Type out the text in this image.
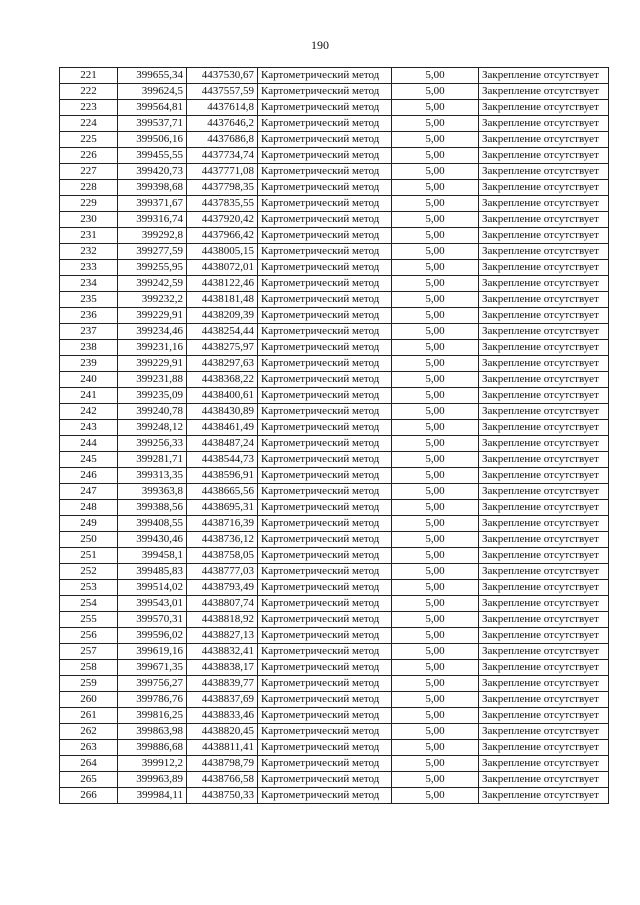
190
221	399655,34	4437530,67	Картометрический метод	5,00	Закрепление отсутствует
222	399624,5	4437557,59	Картометрический метод	5,00	Закрепление отсутствует
223	399564,81	4437614,8	Картометрический метод	5,00	Закрепление отсутствует
224	399537,71	4437646,2	Картометрический метод	5,00	Закрепление отсутствует
225	399506,16	4437686,8	Картометрический метод	5,00	Закрепление отсутствует
226	399455,55	4437734,74	Картометрический метод	5,00	Закрепление отсутствует
227	399420,73	4437771,08	Картометрический метод	5,00	Закрепление отсутствует
228	399398,68	4437798,35	Картометрический метод	5,00	Закрепление отсутствует
229	399371,67	4437835,55	Картометрический метод	5,00	Закрепление отсутствует
230	399316,74	4437920,42	Картометрический метод	5,00	Закрепление отсутствует
231	399292,8	4437966,42	Картометрический метод	5,00	Закрепление отсутствует
232	399277,59	4438005,15	Картометрический метод	5,00	Закрепление отсутствует
233	399255,95	4438072,01	Картометрический метод	5,00	Закрепление отсутствует
234	399242,59	4438122,46	Картометрический метод	5,00	Закрепление отсутствует
235	399232,2	4438181,48	Картометрический метод	5,00	Закрепление отсутствует
236	399229,91	4438209,39	Картометрический метод	5,00	Закрепление отсутствует
237	399234,46	4438254,44	Картометрический метод	5,00	Закрепление отсутствует
238	399231,16	4438275,97	Картометрический метод	5,00	Закрепление отсутствует
239	399229,91	4438297,63	Картометрический метод	5,00	Закрепление отсутствует
240	399231,88	4438368,22	Картометрический метод	5,00	Закрепление отсутствует
241	399235,09	4438400,61	Картометрический метод	5,00	Закрепление отсутствует
242	399240,78	4438430,89	Картометрический метод	5,00	Закрепление отсутствует
243	399248,12	4438461,49	Картометрический метод	5,00	Закрепление отсутствует
244	399256,33	4438487,24	Картометрический метод	5,00	Закрепление отсутствует
245	399281,71	4438544,73	Картометрический метод	5,00	Закрепление отсутствует
246	399313,35	4438596,91	Картометрический метод	5,00	Закрепление отсутствует
247	399363,8	4438665,56	Картометрический метод	5,00	Закрепление отсутствует
248	399388,56	4438695,31	Картометрический метод	5,00	Закрепление отсутствует
249	399408,55	4438716,39	Картометрический метод	5,00	Закрепление отсутствует
250	399430,46	4438736,12	Картометрический метод	5,00	Закрепление отсутствует
251	399458,1	4438758,05	Картометрический метод	5,00	Закрепление отсутствует
252	399485,83	4438777,03	Картометрический метод	5,00	Закрепление отсутствует
253	399514,02	4438793,49	Картометрический метод	5,00	Закрепление отсутствует
254	399543,01	4438807,74	Картометрический метод	5,00	Закрепление отсутствует
255	399570,31	4438818,92	Картометрический метод	5,00	Закрепление отсутствует
256	399596,02	4438827,13	Картометрический метод	5,00	Закрепление отсутствует
257	399619,16	4438832,41	Картометрический метод	5,00	Закрепление отсутствует
258	399671,35	4438838,17	Картометрический метод	5,00	Закрепление отсутствует
259	399756,27	4438839,77	Картометрический метод	5,00	Закрепление отсутствует
260	399786,76	4438837,69	Картометрический метод	5,00	Закрепление отсутствует
261	399816,25	4438833,46	Картометрический метод	5,00	Закрепление отсутствует
262	399863,98	4438820,45	Картометрический метод	5,00	Закрепление отсутствует
263	399886,68	4438811,41	Картометрический метод	5,00	Закрепление отсутствует
264	399912,2	4438798,79	Картометрический метод	5,00	Закрепление отсутствует
265	399963,89	4438766,58	Картометрический метод	5,00	Закрепление отсутствует
266	399984,11	4438750,33	Картометрический метод	5,00	Закрепление отсутствует
